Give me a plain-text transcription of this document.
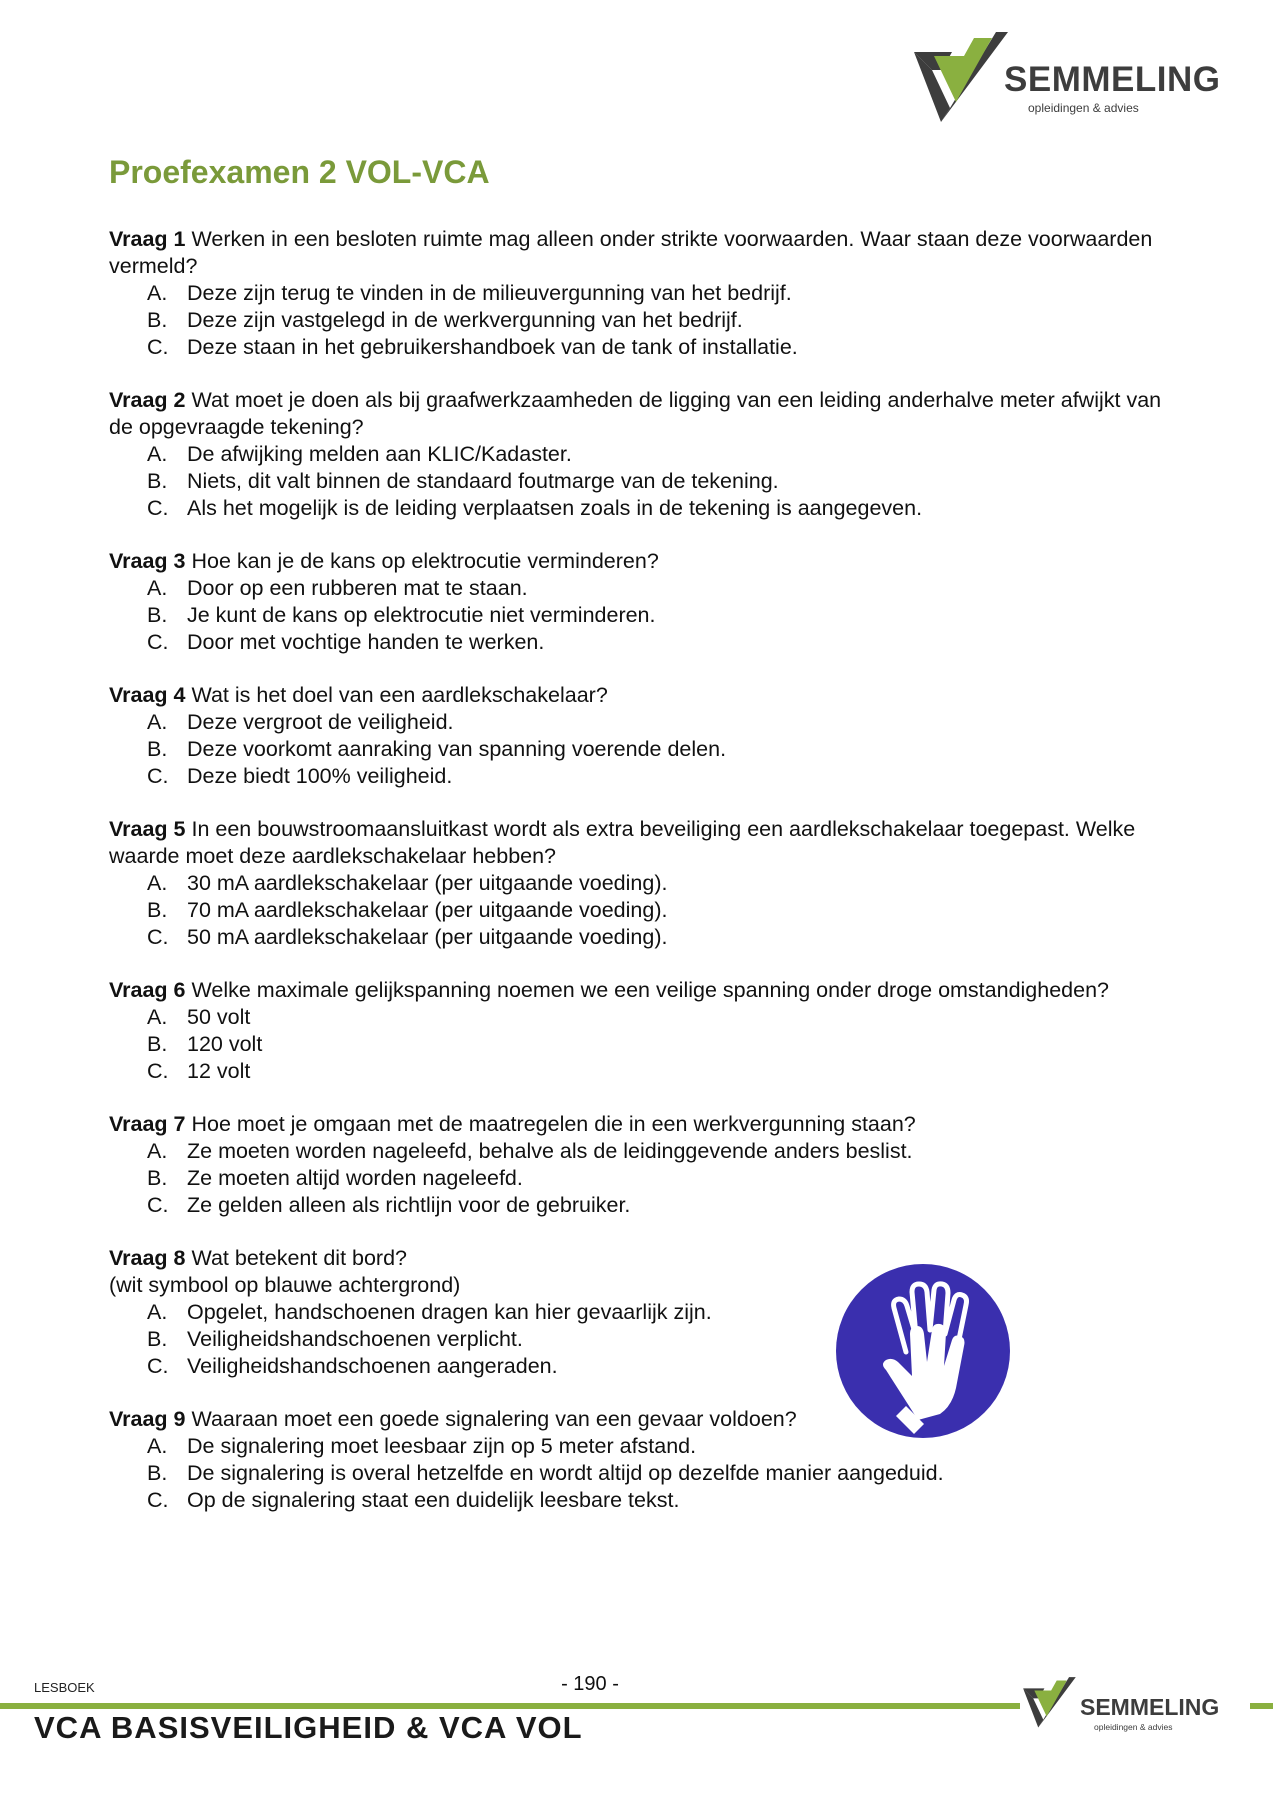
SEMMELING
opleidingen & advies
Proefexamen 2 VOL-VCA

Vraag 1 Werken in een besloten ruimte mag alleen onder strikte voorwaarden. Waar staan deze voorwaarden vermeld?

A. Deze zijn terug te vinden in de milieuvergunning van het bedrijf.
B. Deze zijn vastgelegd in de werkvergunning van het bedrijf.
C. Deze staan in het gebruikershandboek van de tank of installatie.

Vraag 2 Wat moet je doen als bij graafwerkzaamheden de ligging van een leiding anderhalve meter afwijkt van de opgevraagde tekening?

A. De afwijking melden aan KLIC/Kadaster.
B. Niets, dit valt binnen de standaard foutmarge van de tekening.
C. Als het mogelijk is de leiding verplaatsen zoals in de tekening is aangegeven.

Vraag 3 Hoe kan je de kans op elektrocutie verminderen?

A. Door op een rubberen mat te staan.
B. Je kunt de kans op elektrocutie niet verminderen.
C. Door met vochtige handen te werken.

Vraag 4 Wat is het doel van een aardlekschakelaar?

A. Deze vergroot de veiligheid.
B. Deze voorkomt aanraking van spanning voerende delen.
C. Deze biedt 100% veiligheid.

Vraag 5 In een bouwstroomaansluitkast wordt als extra beveiliging een aardlekschakelaar toegepast. Welke waarde moet deze aardlekschakelaar hebben?

A. 30 mA aardlekschakelaar (per uitgaande voeding).
B. 70 mA aardlekschakelaar (per uitgaande voeding).
C. 50 mA aardlekschakelaar (per uitgaande voeding).

Vraag 6 Welke maximale gelijkspanning noemen we een veilige spanning onder droge omstandigheden?

A. 50 volt
B. 120 volt
C. 12 volt

Vraag 7 Hoe moet je omgaan met de maatregelen die in een werkvergunning staan?

A. Ze moeten worden nageleefd, behalve als de leidinggevende anders beslist.
B. Ze moeten altijd worden nageleefd.
C. Ze gelden alleen als richtlijn voor de gebruiker.

Vraag 8 Wat betekent dit bord?

(wit symbool op blauwe achtergrond)

A. Opgelet, handschoenen dragen kan hier gevaarlijk zijn.
B. Veiligheidshandschoenen verplicht.
C. Veiligheidshandschoenen aangeraden.

Vraag 9 Waaraan moet een goede signalering van een gevaar voldoen?

A. De signalering moet leesbaar zijn op 5 meter afstand.
B. De signalering is overal hetzelfde en wordt altijd op dezelfde manier aangeduid.
C. Op de signalering staat een duidelijk leesbare tekst.
LESBOEK	- 190 -
VCA BASISVEILIGHEID & VCA VOL
SEMMELING
opleidingen & advies
